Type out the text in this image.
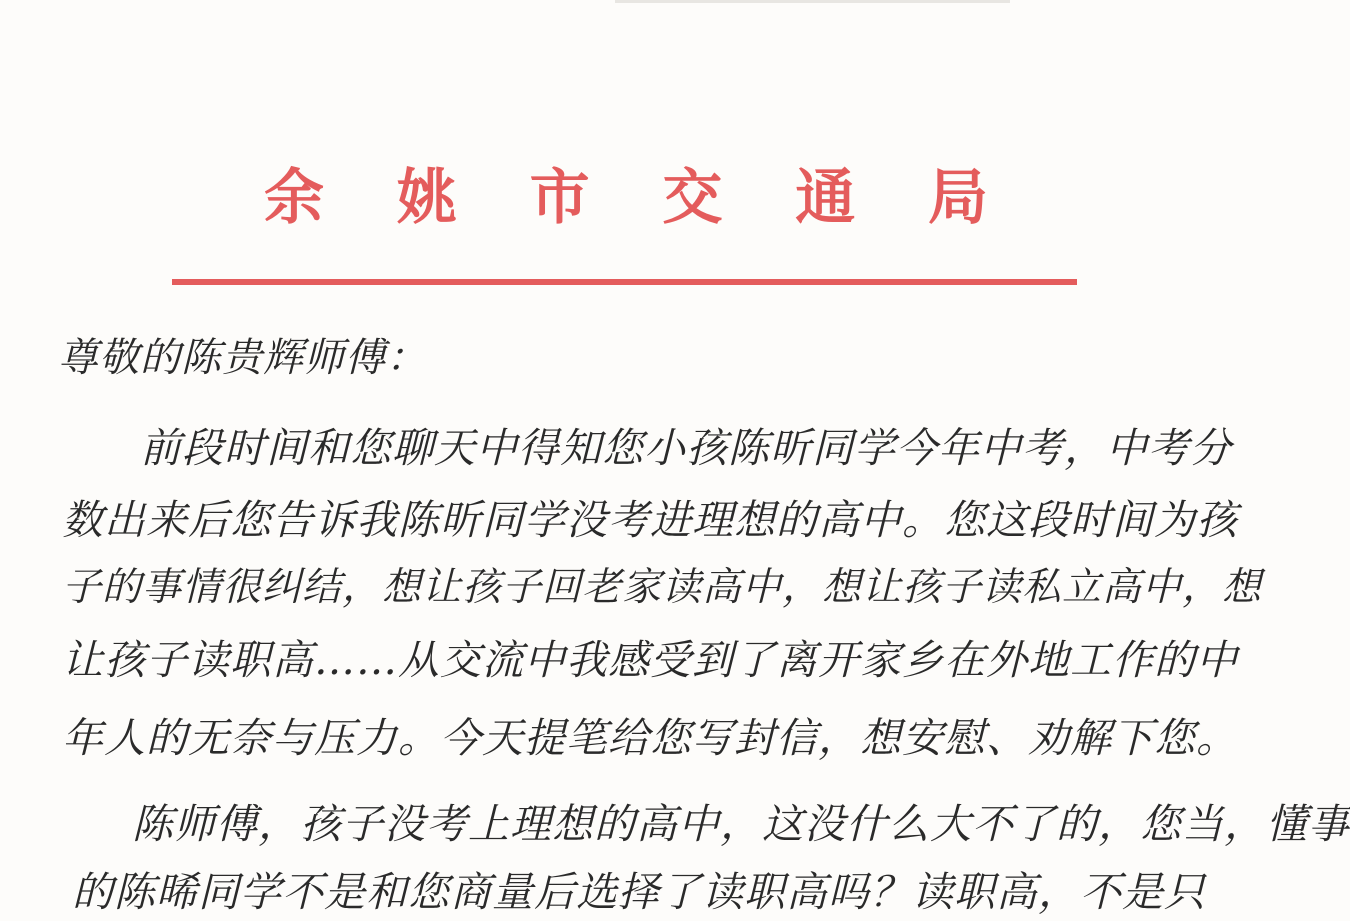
余 姚 市 交 通 局
尊敬的陈贵辉师傅：
前段时间和您聊天中得知您小孩陈昕同学今年中考，中考分
数出来后您告诉我陈昕同学没考进理想的高中。您这段时间为孩
子的事情很纠结，想让孩子回老家读高中，想让孩子读私立高中，想
让孩子读职高……从交流中我感受到了离开家乡在外地工作的中
年人的无奈与压力。今天提笔给您写封信，想安慰、劝解下您。
陈师傅，孩子没考上理想的高中，这没什么大不了的，您当，懂事
的陈晞同学不是和您商量后选择了读职高吗？读职高，不是只
